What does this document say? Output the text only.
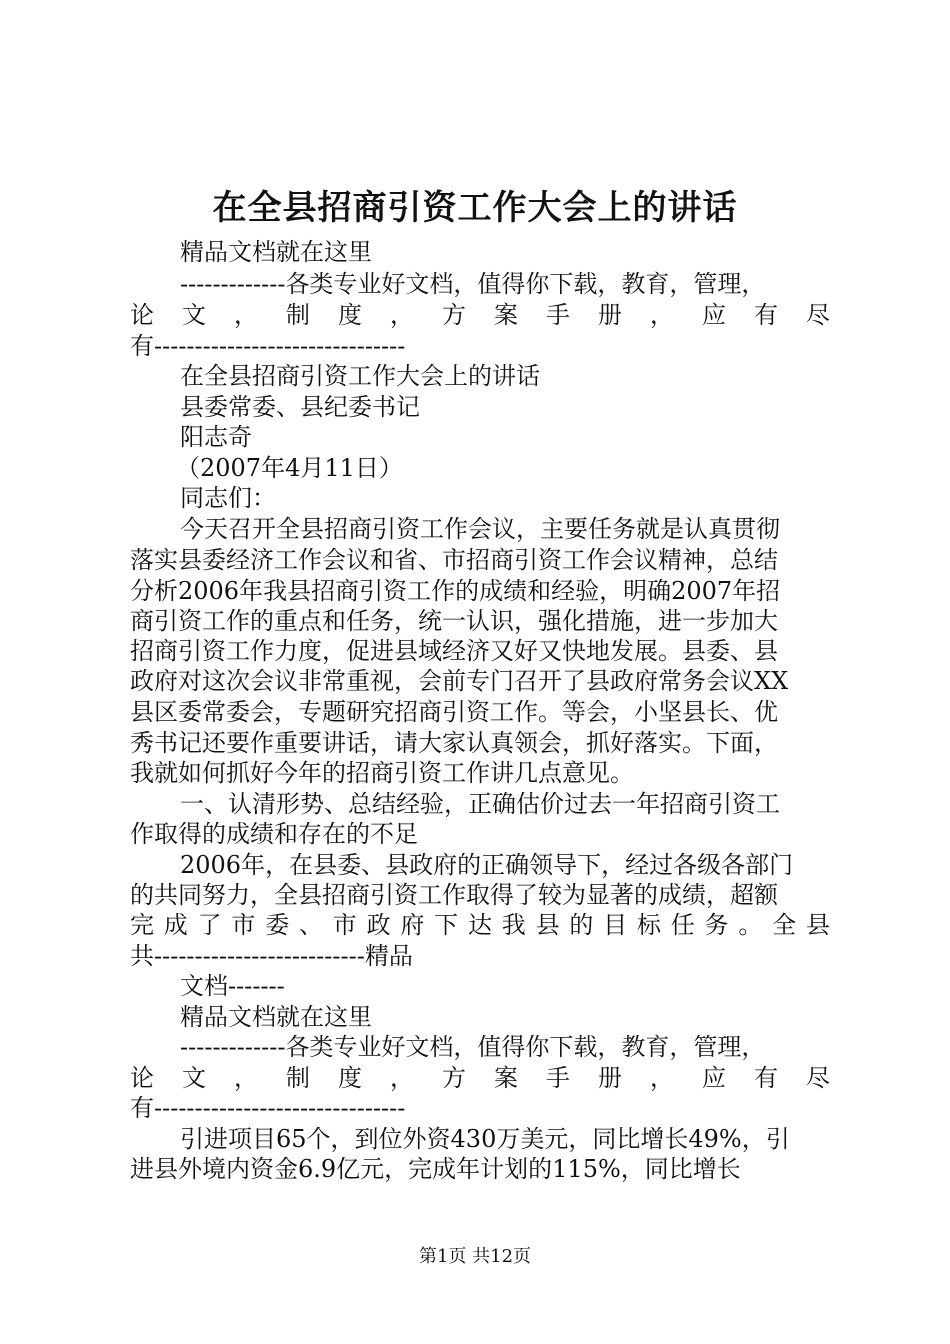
在全县招商引资工作大会上的讲话
精品文档就在这里
-------------各类专业好文档，值得你下载，教育，管理，
论 文 ， 制 度 ， 方 案 手 册 ， 应 有 尽
有-------------------------------
在全县招商引资工作大会上的讲话
县委常委、县纪委书记
阳志奇
（2007年4月11日）
同志们：
今天召开全县招商引资工作会议，主要任务就是认真贯彻
落实县委经济工作会议和省、市招商引资工作会议精神，总结
分析2006年我县招商引资工作的成绩和经验，明确2007年招
商引资工作的重点和任务，统一认识，强化措施，进一步加大
招商引资工作力度，促进县域经济又好又快地发展。县委、县
政府对这次会议非常重视，会前专门召开了县政府常务会议XX
县区委常委会，专题研究招商引资工作。等会，小坚县长、优
秀书记还要作重要讲话，请大家认真领会，抓好落实。下面，
我就如何抓好今年的招商引资工作讲几点意见。
一、认清形势、总结经验，正确估价过去一年招商引资工
作取得的成绩和存在的不足
2006年，在县委、县政府的正确领导下，经过各级各部门
的共同努力，全县招商引资工作取得了较为显著的成绩，超额
完 成 了 市 委 、 市 政 府 下 达 我 县 的 目 标 任 务 。 全 县
共--------------------------精品
文档-------
精品文档就在这里
-------------各类专业好文档，值得你下载，教育，管理，
论 文 ， 制 度 ， 方 案 手 册 ， 应 有 尽
有-------------------------------
引进项目65个，到位外资430万美元，同比增长49%，引
进县外境内资金6.9亿元，完成年计划的115%，同比增长
第1页 共12页
